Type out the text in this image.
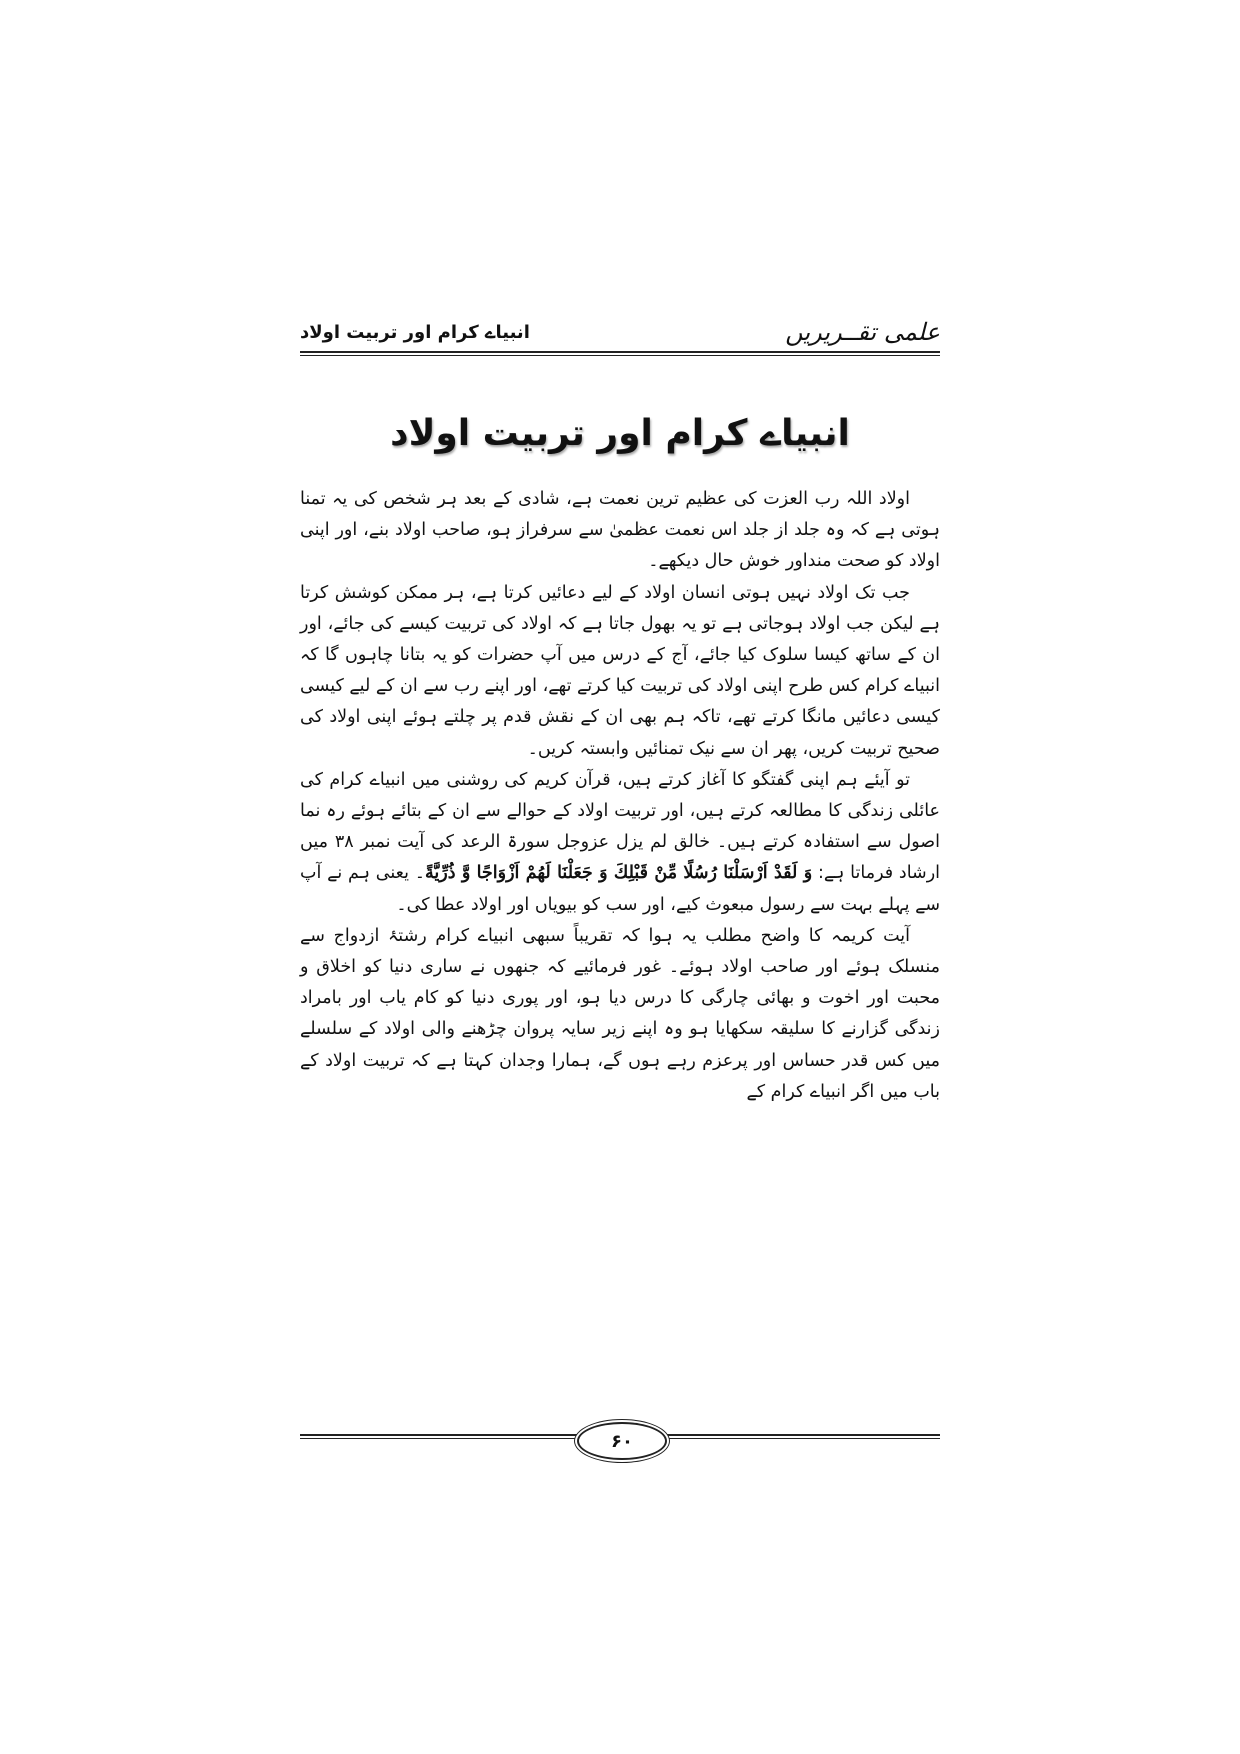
علمی تقــریریں
انبیاے کرام اور تربیت اولاد
انبیاے کرام اور تربیت اولاد

اولاد اللہ رب العزت کی عظیم ترین نعمت ہے، شادی کے بعد ہر شخص کی یہ تمنا ہوتی ہے کہ وہ جلد از جلد اس نعمت عظمیٰ سے سرفراز ہو، صاحب اولاد بنے، اور اپنی اولاد کو صحت منداور خوش حال دیکھے۔

جب تک اولاد نہیں ہوتی انسان اولاد کے لیے دعائیں کرتا ہے، ہر ممکن کوشش کرتا ہے لیکن جب اولاد ہوجاتی ہے تو یہ بھول جاتا ہے کہ اولاد کی تربیت کیسے کی جائے، اور ان کے ساتھ کیسا سلوک کیا جائے، آج کے درس میں آپ حضرات کو یہ بتانا چاہوں گا کہ انبیاے کرام کس طرح اپنی اولاد کی تربیت کیا کرتے تھے، اور اپنے رب سے ان کے لیے کیسی کیسی دعائیں مانگا کرتے تھے، تاکہ ہم بھی ان کے نقش قدم پر چلتے ہوئے اپنی اولاد کی صحیح تربیت کریں، پھر ان سے نیک تمنائیں وابستہ کریں۔

تو آیئے ہم اپنی گفتگو کا آغاز کرتے ہیں، قرآن کریم کی روشنی میں انبیاے کرام کی عائلی زندگی کا مطالعہ کرتے ہیں، اور تربیت اولاد کے حوالے سے ان کے بتائے ہوئے رہ نما اصول سے استفادہ کرتے ہیں۔ خالق لم یزل عزوجل سورۃ الرعد کی آیت نمبر ۳۸ میں ارشاد فرماتا ہے: وَ لَقَدْ اَرْسَلْنَا رُسُلًا مِّنْ قَبْلِكَ وَ جَعَلْنَا لَهُمْ اَزْوَاجًا وَّ ذُرِّيَّةً۔ یعنی ہم نے آپ سے پہلے بہت سے رسول مبعوث کیے، اور سب کو بیویاں اور اولاد عطا کی۔

آیت کریمہ کا واضح مطلب یہ ہوا کہ تقریباً سبھی انبیاے کرام رشتۂ ازدواج سے منسلک ہوئے اور صاحب اولاد ہوئے۔ غور فرمائیے کہ جنھوں نے ساری دنیا کو اخلاق و محبت اور اخوت و بھائی چارگی کا درس دیا ہو، اور پوری دنیا کو کام یاب اور بامراد زندگی گزارنے کا سلیقہ سکھایا ہو وہ اپنے زیر سایہ پروان چڑھنے والی اولاد کے سلسلے میں کس قدر حساس اور پرعزم رہے ہوں گے، ہمارا وجدان کہتا ہے کہ تربیت اولاد کے باب میں اگر انبیاے کرام کے

۶۰
